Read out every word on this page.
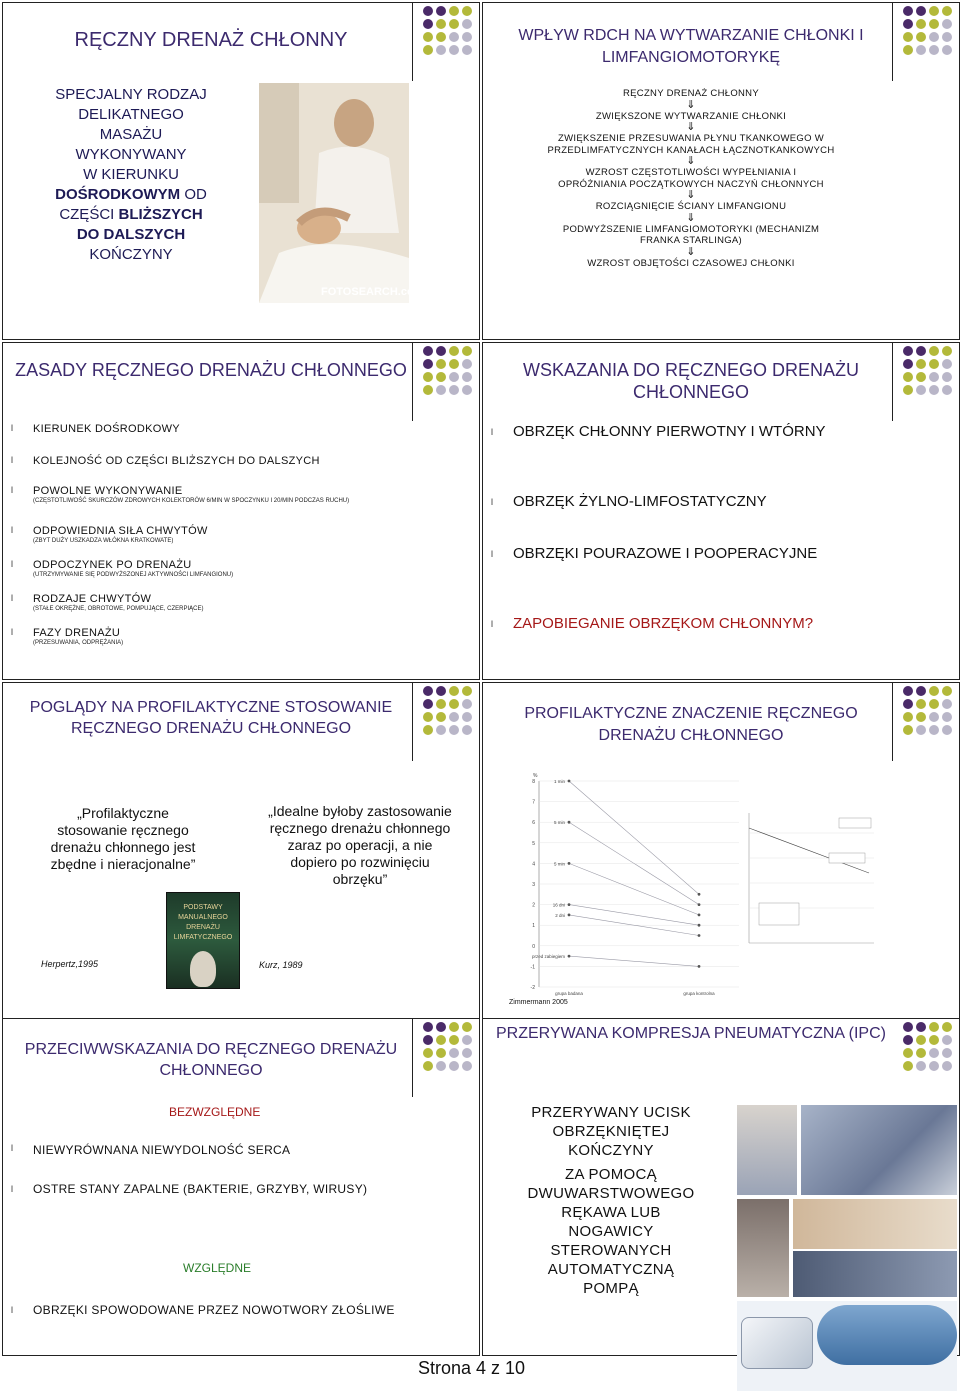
RĘCZNY DRENAŻ CHŁONNY
SPECJALNY RODZAJ
DELIKATNEGO
MASAŻU
WYKONYWANY
W KIERUNKU
DOŚRODKOWYM OD
CZĘŚCI BLIŻSZYCH
DO DALSZYCH
KOŃCZYNY
FOTOSEARCH.com
WPŁYW RDCH NA WYTWARZANIE CHŁONKI I LIMFANGIOMOTORYKĘ
RĘCZNY DRENAŻ CHŁONNY
⇓
ZWIĘKSZONE WYTWARZANIE CHŁONKI
⇓
ZWIĘKSZENIE PRZESUWANIA PŁYNU TKANKOWEGO W PRZEDLIMFATYCZNYCH KANAŁACH ŁĄCZNOTKANKOWYCH
⇓
WZROST CZĘSTOTLIWOŚCI WYPEŁNIANIA I OPRÓŻNIANIA POCZĄTKOWYCH NACZYŃ CHŁONNYCH
⇓
ROZCIĄGNIĘCIE ŚCIANY LIMFANGIONU
⇓
PODWYŻSZENIE LIMFANGIOMOTORYKI (MECHANIZM FRANKA STARLINGA)
⇓
WZROST OBJĘTOŚCI CZASOWEJ CHŁONKI
ZASADY RĘCZNEGO DRENAŻU CHŁONNEGO
l KIERUNEK DOŚRODKOWY
l KOLEJNOŚĆ OD CZĘŚCI BLIŻSZYCH DO DALSZYCH
l POWOLNE WYKONYWANIE
(CZĘSTOTLIWOŚĆ SKURCZÓW ZDROWYCH KOLEKTORÓW 6/MIN W SPOCZYNKU I 20/MIN PODCZAS RUCHU)
l ODPOWIEDNIA SIŁA CHWYTÓW
(ZBYT DUŻY USZKADZA WŁÓKNA KRATKOWATE)
l ODPOCZYNEK PO DRENAŻU
(UTRZYMYWANIE SIĘ PODWYŻSZONEJ AKTYWNOŚCI LIMFANGIONU)
l RODZAJE CHWYTÓW
(STAŁE OKRĘŻNE, OBROTOWE, POMPUJĄCE, CZERPIĄCE)
l FAZY DRENAŻU
(PRZESUWANIA, ODPRĘŻANIA)
WSKAZANIA DO RĘCZNEGO DRENAŻU CHŁONNEGO
l OBRZĘK CHŁONNY PIERWOTNY I WTÓRNY
l OBRZĘK ŻYLNO-LIMFOSTATYCZNY
l OBRZĘKI POURAZOWE I POOPERACYJNE
l ZAPOBIEGANIE OBRZĘKOM CHŁONNYM?
POGLĄDY NA PROFILAKTYCZNE STOSOWANIE RĘCZNEGO DRENAŻU CHŁONNEGO
„Profilaktyczne stosowanie ręcznego drenażu chłonnego jest zbędne i nieracjonalne”
„Idealne byłoby zastosowanie ręcznego drenażu chłonnego zaraz po operacji, a nie dopiero po rozwinięciu obrzęku”
PODSTAWY MANUALNEGO DRENAŻU LIMFATYCZNEGO
Herpertz,1995	Kurz, 1989
PROFILAKTYCZNE ZNACZENIE RĘCZNEGO DRENAŻU CHŁONNEGO
-2
-1
0
1
2
3
4
5
6
7
8
%
5 min
1 min
5 min
16 dni
2 dni
przed zabiegiem
grupa badana	grupa kontrolna
Zimmermann 2005
PRZECIWWSKAZANIA DO RĘCZNEGO DRENAŻU CHŁONNEGO
BEZWZGLĘDNE
l NIEWYRÓWNANA NIEWYDOLNOŚĆ SERCA
l OSTRE STANY ZAPALNE (BAKTERIE, GRZYBY, WIRUSY)
WZGLĘDNE
l OBRZĘKI SPOWODOWANE PRZEZ NOWOTWORY ZŁOŚLIWE
PRZERYWANA KOMPRESJA PNEUMATYCZNA (IPC)
PRZERYWANY UCISK OBRZĘKNIĘTEJ KOŃCZYNY
ZA POMOCĄ DWUWARSTWOWEGO RĘKAWA LUB NOGAWICY STEROWANYCH AUTOMATYCZNĄ POMPĄ
Strona 4 z 10
